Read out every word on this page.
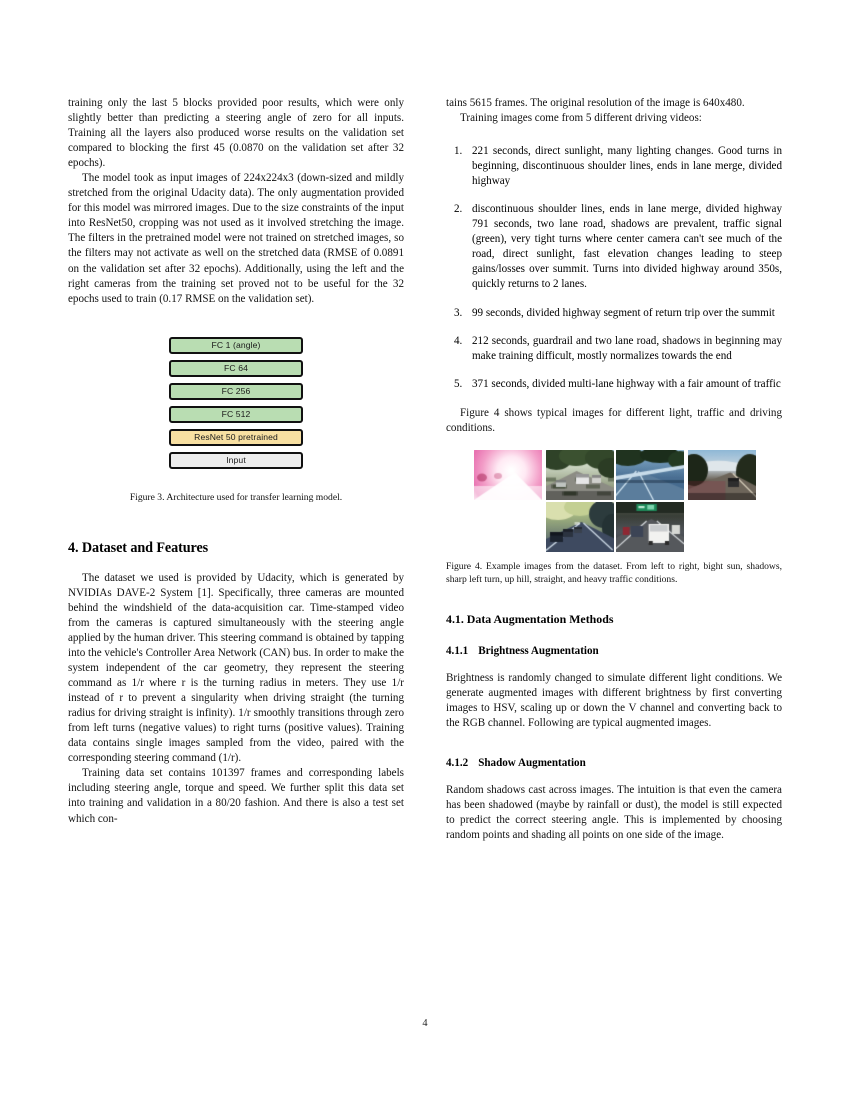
training only the last 5 blocks provided poor results, which were only slightly better than predicting a steering angle of zero for all inputs. Training all the layers also produced worse results on the validation set compared to blocking the first 45 (0.0870 on the validation set after 32 epochs).

The model took as input images of 224x224x3 (down-sized and mildly stretched from the original Udacity data). The only augmentation provided for this model was mirrored images. Due to the size constraints of the input into ResNet50, cropping was not used as it involved stretching the image. The filters in the pretrained model were not trained on stretched images, so the filters may not activate as well on the stretched data (RMSE of 0.0891 on the validation set after 32 epochs). Additionally, using the left and the right cameras from the training set proved not to be useful for the 32 epochs used to train (0.17 RMSE on the validation set).

FC 1 (angle)
FC 64
FC 256
FC 512
ResNet 50 pretrained
Input

Figure 3. Architecture used for transfer learning model.

4. Dataset and Features

The dataset we used is provided by Udacity, which is generated by NVIDIAs DAVE-2 System [1]. Specifically, three cameras are mounted behind the windshield of the data-acquisition car. Time-stamped video from the cameras is captured simultaneously with the steering angle applied by the human driver. This steering command is obtained by tapping into the vehicle's Controller Area Network (CAN) bus. In order to make the system independent of the car geometry, they represent the steering command as 1/r where r is the turning radius in meters. They use 1/r instead of r to prevent a singularity when driving straight (the turning radius for driving straight is infinity). 1/r smoothly transitions through zero from left turns (negative values) to right turns (positive values). Training data contains single images sampled from the video, paired with the corresponding steering command (1/r).

Training data set contains 101397 frames and corresponding labels including steering angle, torque and speed. We further split this data set into training and validation in a 80/20 fashion. And there is also a test set which con-

tains 5615 frames. The original resolution of the image is 640x480.

Training images come from 5 different driving videos:

1. 221 seconds, direct sunlight, many lighting changes. Good turns in beginning, discontinuous shoulder lines, ends in lane merge, divided highway
2. discontinuous shoulder lines, ends in lane merge, divided highway 791 seconds, two lane road, shadows are prevalent, traffic signal (green), very tight turns where center camera can't see much of the road, direct sunlight, fast elevation changes leading to steep gains/losses over summit. Turns into divided highway around 350s, quickly returns to 2 lanes.
3. 99 seconds, divided highway segment of return trip over the summit
4. 212 seconds, guardrail and two lane road, shadows in beginning may make training difficult, mostly normalizes towards the end
5. 371 seconds, divided multi-lane highway with a fair amount of traffic

Figure 4 shows typical images for different light, traffic and driving conditions.

Figure 4. Example images from the dataset. From left to right, bight sun, shadows, sharp left turn, up hill, straight, and heavy traffic conditions.

4.1. Data Augmentation Methods
4.1.1 Brightness Augmentation

Brightness is randomly changed to simulate different light conditions. We generate augmented images with different brightness by first converting images to HSV, scaling up or down the V channel and converting back to the RGB channel. Following are typical augmented images.

4.1.2 Shadow Augmentation

Random shadows cast across images. The intuition is that even the camera has been shadowed (maybe by rainfall or dust), the model is still expected to predict the correct steering angle. This is implemented by choosing random points and shading all points on one side of the image.

4
